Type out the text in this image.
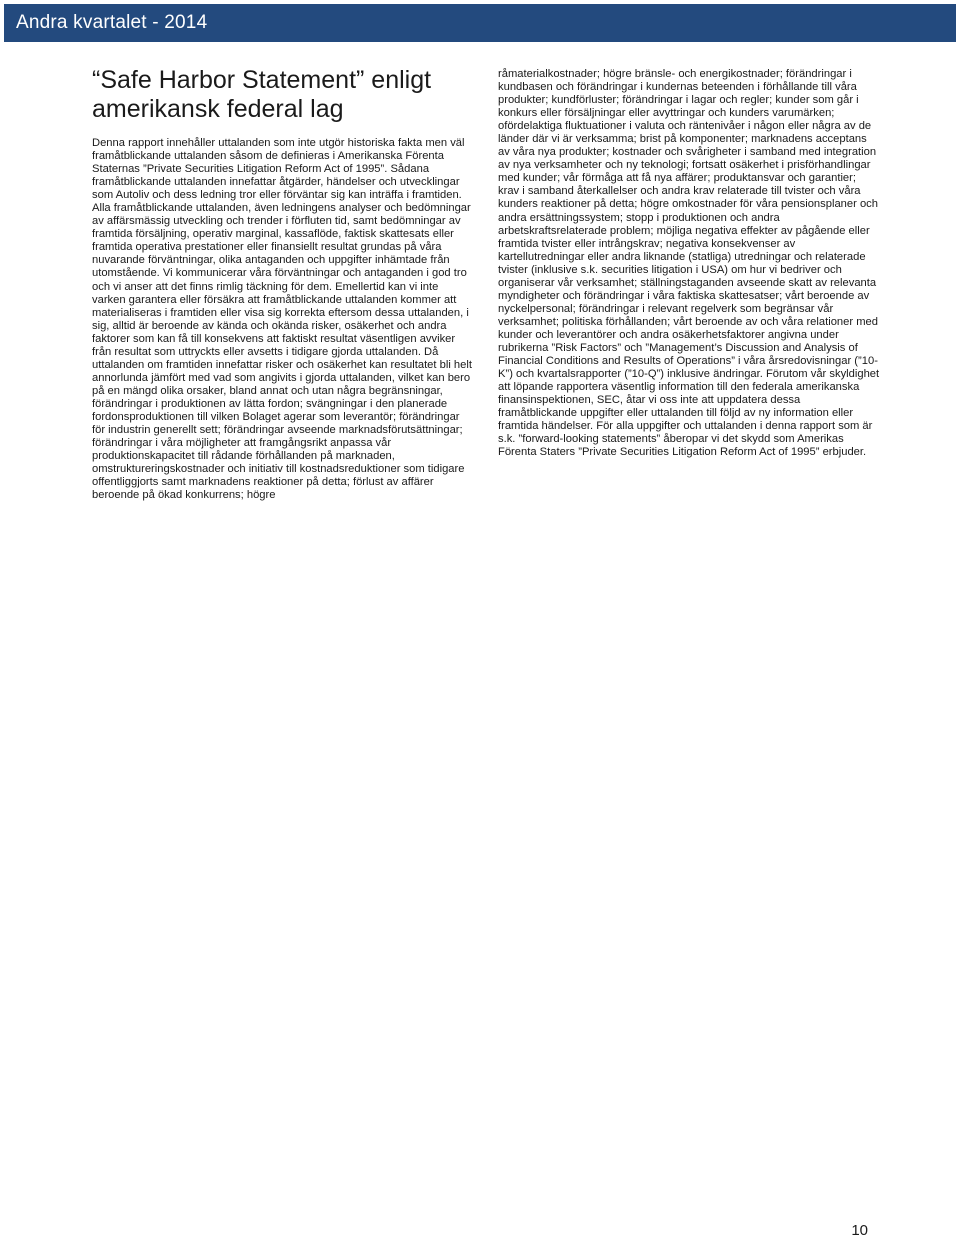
Andra kvartalet - 2014
“Safe Harbor Statement” enligt amerikansk federal lag

Denna rapport innehåller uttalanden som inte utgör historiska fakta men väl framåtblickande uttalanden såsom de definieras i Amerikanska Förenta Staternas ”Private Securities Litigation Reform Act of 1995”. Sådana framåtblickande uttalanden innefattar åtgärder, händelser och utvecklingar som Autoliv och dess ledning tror eller förväntar sig kan inträffa i framtiden. Alla framåtblickande uttalanden, även ledningens analyser och bedömningar av affärsmässig utveckling och trender i förfluten tid, samt bedömningar av framtida försäljning, operativ marginal, kassaflöde, faktisk skattesats eller framtida operativa prestationer eller finansiellt resultat grundas på våra nuvarande förväntningar, olika antaganden och uppgifter inhämtade från utomstående. Vi kommunicerar våra förväntningar och antaganden i god tro och vi anser att det finns rimlig täckning för dem. Emellertid kan vi inte varken garantera eller försäkra att framåtblickande uttalanden kommer att materialiseras i framtiden eller visa sig korrekta eftersom dessa uttalanden, i sig, alltid är beroende av kända och okända risker, osäkerhet och andra faktorer som kan få till konsekvens att faktiskt resultat väsentligen avviker från resultat som uttryckts eller avsetts i tidigare gjorda uttalanden. Då uttalanden om framtiden innefattar risker och osäkerhet kan resultatet bli helt annorlunda jämfört med vad som angivits i gjorda uttalanden, vilket kan bero på en mängd olika orsaker, bland annat och utan några begränsningar, förändringar i produktionen av lätta fordon; svängningar i den planerade fordonsproduktionen till vilken Bolaget agerar som leverantör; förändringar för industrin generellt sett; förändringar avseende marknadsförutsättningar; förändringar i våra möjligheter att framgångsrikt anpassa vår produktionskapacitet till rådande förhållanden på marknaden, omstruktureringskostnader och initiativ till kostnadsreduktioner som tidigare offentliggjorts samt marknadens reaktioner på detta; förlust av affärer beroende på ökad konkurrens; högre

råmaterialkostnader; högre bränsle- och energikostnader; förändringar i kundbasen och förändringar i kundernas beteenden i förhållande till våra produkter; kundförluster; förändringar i lagar och regler; kunder som går i konkurs eller försäljningar eller avyttringar och kunders varumärken; ofördelaktiga fluktuationer i valuta och räntenivåer i någon eller några av de länder där vi är verksamma; brist på komponenter; marknadens acceptans av våra nya produkter; kostnader och svårigheter i samband med integration av nya verksamheter och ny teknologi; fortsatt osäkerhet i prisförhandlingar med kunder; vår förmåga att få nya affärer; produktansvar och garantier; krav i samband återkallelser och andra krav relaterade till tvister och våra kunders reaktioner på detta; högre omkostnader för våra pensionsplaner och andra ersättningssystem; stopp i produktionen och andra arbetskraftsrelaterade problem; möjliga negativa effekter av pågående eller framtida tvister eller intrångskrav; negativa konsekvenser av kartellutredningar eller andra liknande (statliga) utredningar och relaterade tvister (inklusive s.k. securities litigation i USA) om hur vi bedriver och organiserar vår verksamhet; ställningstaganden avseende skatt av relevanta myndigheter och förändringar i våra faktiska skattesatser; vårt beroende av nyckelpersonal; förändringar i relevant regelverk som begränsar vår verksamhet; politiska förhållanden; vårt beroende av och våra relationer med kunder och leverantörer och andra osäkerhetsfaktorer angivna under rubrikerna ”Risk Factors” och ”Management’s Discussion and Analysis of Financial Conditions and Results of Operations” i våra årsredovisningar (”10-K”) och kvartalsrapporter (”10-Q”) inklusive ändringar. Förutom vår skyldighet att löpande rapportera väsentlig information till den federala amerikanska finansinspektionen, SEC, åtar vi oss inte att uppdatera dessa framåtblickande uppgifter eller uttalanden till följd av ny information eller framtida händelser. För alla uppgifter och uttalanden i denna rapport som är s.k. ”forward-looking statements” åberopar vi det skydd som Amerikas Förenta Staters ”Private Securities Litigation Reform Act of 1995” erbjuder.

10
